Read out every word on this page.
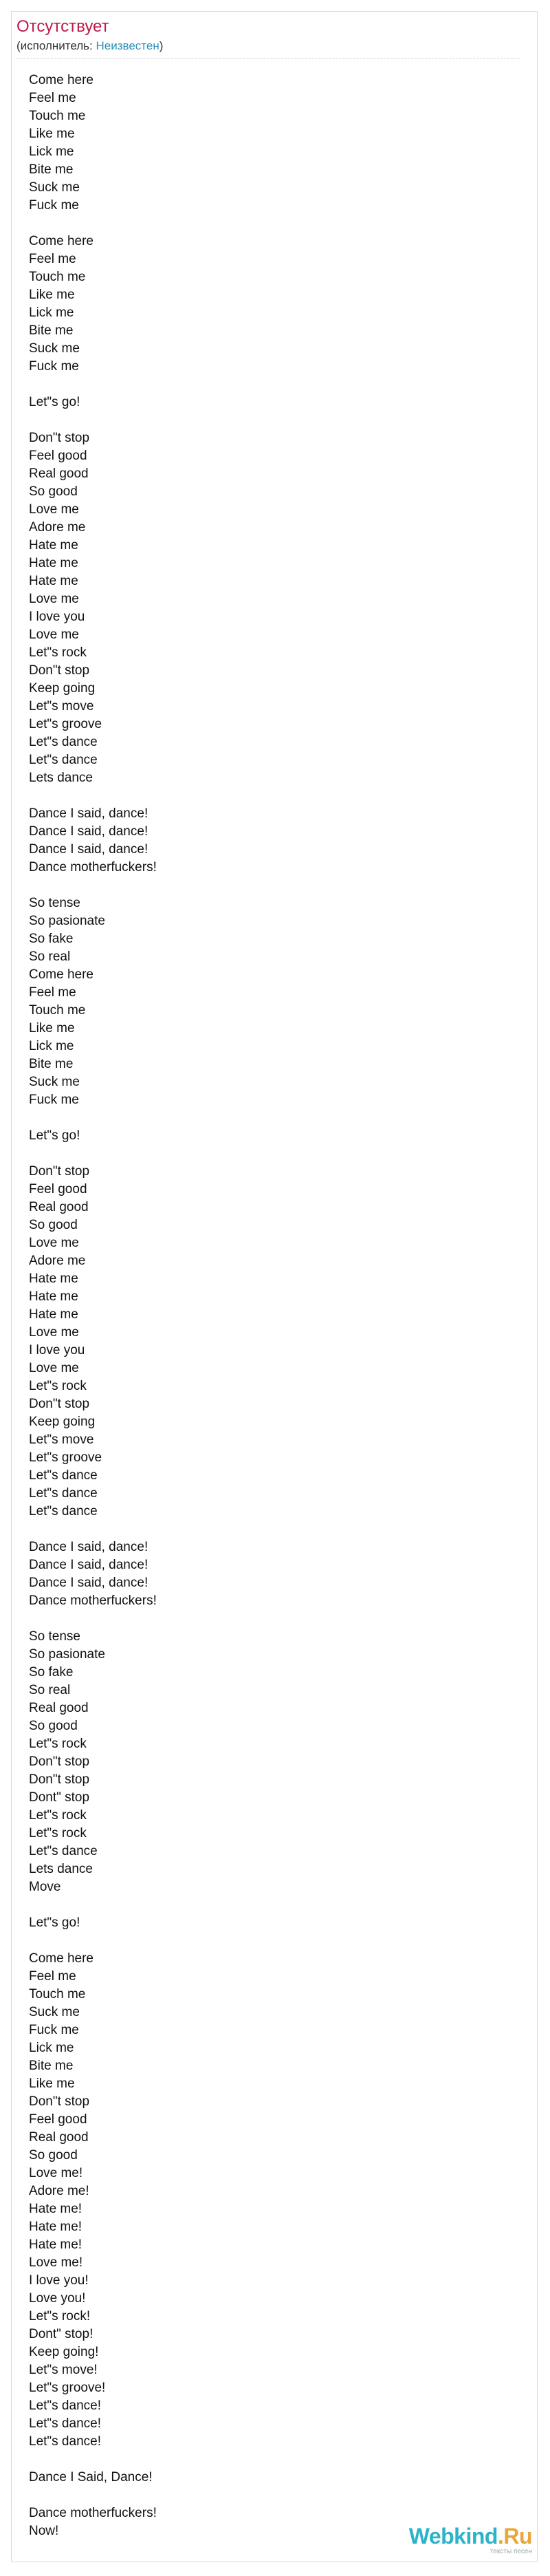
Отсутствует
(исполнитель: Неизвестен)
Come here
Feel me
Touch me
Like me
Lick me
Bite me
Suck me
Fuck me
Come here
Feel me
Touch me
Like me
Lick me
Bite me
Suck me
Fuck me
Let"s go!
Don"t stop
Feel good
Real good
So good
Love me
Adore me
Hate me
Hate me
Hate me
Love me
I love you
Love me
Let"s rock
Don"t stop
Keep going
Let"s move
Let"s groove
Let"s dance
Let"s dance
Lets dance
Dance I said, dance!
Dance I said, dance!
Dance I said, dance!
Dance motherfuckers!
So tense
So pasionate
So fake
So real
Come here
Feel me
Touch me
Like me
Lick me
Bite me
Suck me
Fuck me
Let"s go!
Don"t stop
Feel good
Real good
So good
Love me
Adore me
Hate me
Hate me
Hate me
Love me
I love you
Love me
Let"s rock
Don"t stop
Keep going
Let"s move
Let"s groove
Let"s dance
Let"s dance
Let"s dance
Dance I said, dance!
Dance I said, dance!
Dance I said, dance!
Dance motherfuckers!
So tense
So pasionate
So fake
So real
Real good
So good
Let"s rock
Don"t stop
Don"t stop
Dont" stop
Let"s rock
Let"s rock
Let"s dance
Lets dance
Move
Let"s go!
Come here
Feel me
Touch me
Suck me
Fuck me
Lick me
Bite me
Like me
Don"t stop
Feel good
Real good
So good
Love me!
Adore me!
Hate me!
Hate me!
Hate me!
Love me!
I love you!
Love you!
Let"s rock!
Dont" stop!
Keep going!
Let"s move!
Let"s groove!
Let"s dance!
Let"s dance!
Let"s dance!
Dance I Said, Dance!
Dance motherfuckers!
Now!	Webkind.Ru
тексты песен
